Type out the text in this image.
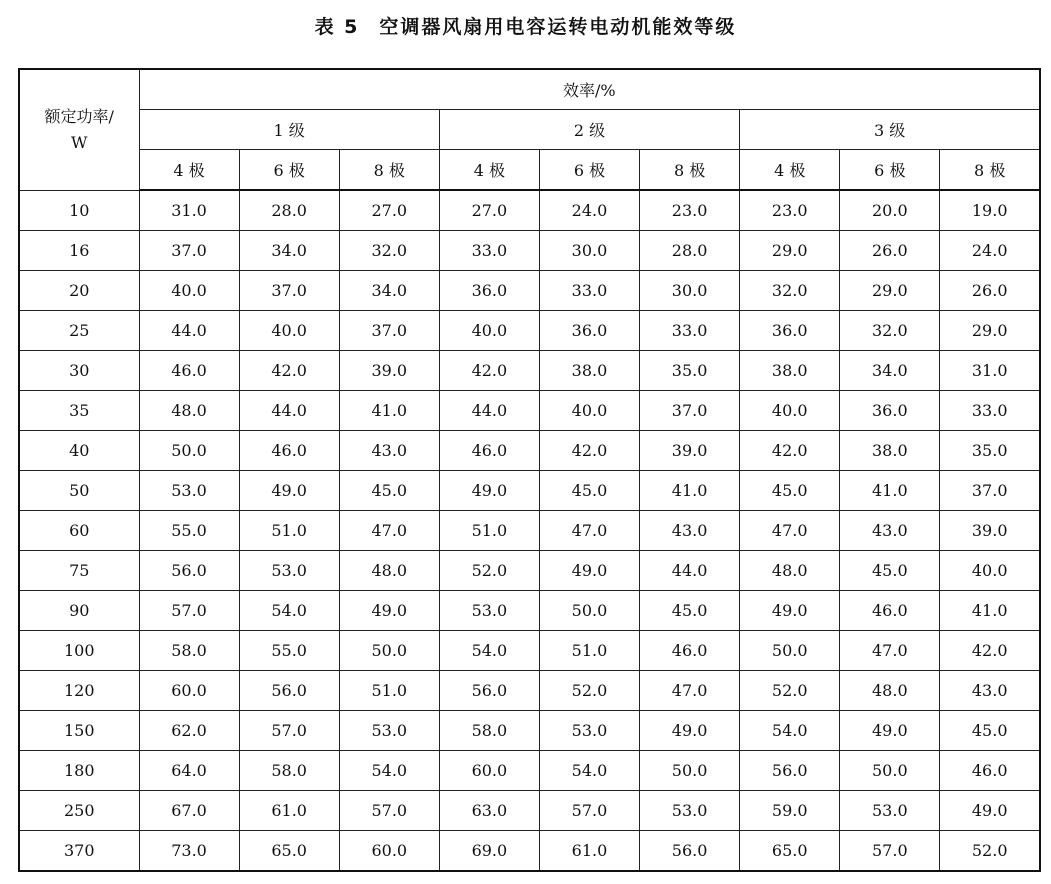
表 5 空调器风扇用电容运转电动机能效等级
额定功率/
W	效率/%								
	1 级			2 级			3 级		
	4 极	6 极	8 极	4 极	6 极	8 极	4 极	6 极	8 极
10	31.0	28.0	27.0	27.0	24.0	23.0	23.0	20.0	19.0
16	37.0	34.0	32.0	33.0	30.0	28.0	29.0	26.0	24.0
20	40.0	37.0	34.0	36.0	33.0	30.0	32.0	29.0	26.0
25	44.0	40.0	37.0	40.0	36.0	33.0	36.0	32.0	29.0
30	46.0	42.0	39.0	42.0	38.0	35.0	38.0	34.0	31.0
35	48.0	44.0	41.0	44.0	40.0	37.0	40.0	36.0	33.0
40	50.0	46.0	43.0	46.0	42.0	39.0	42.0	38.0	35.0
50	53.0	49.0	45.0	49.0	45.0	41.0	45.0	41.0	37.0
60	55.0	51.0	47.0	51.0	47.0	43.0	47.0	43.0	39.0
75	56.0	53.0	48.0	52.0	49.0	44.0	48.0	45.0	40.0
90	57.0	54.0	49.0	53.0	50.0	45.0	49.0	46.0	41.0
100	58.0	55.0	50.0	54.0	51.0	46.0	50.0	47.0	42.0
120	60.0	56.0	51.0	56.0	52.0	47.0	52.0	48.0	43.0
150	62.0	57.0	53.0	58.0	53.0	49.0	54.0	49.0	45.0
180	64.0	58.0	54.0	60.0	54.0	50.0	56.0	50.0	46.0
250	67.0	61.0	57.0	63.0	57.0	53.0	59.0	53.0	49.0
370	73.0	65.0	60.0	69.0	61.0	56.0	65.0	57.0	52.0
